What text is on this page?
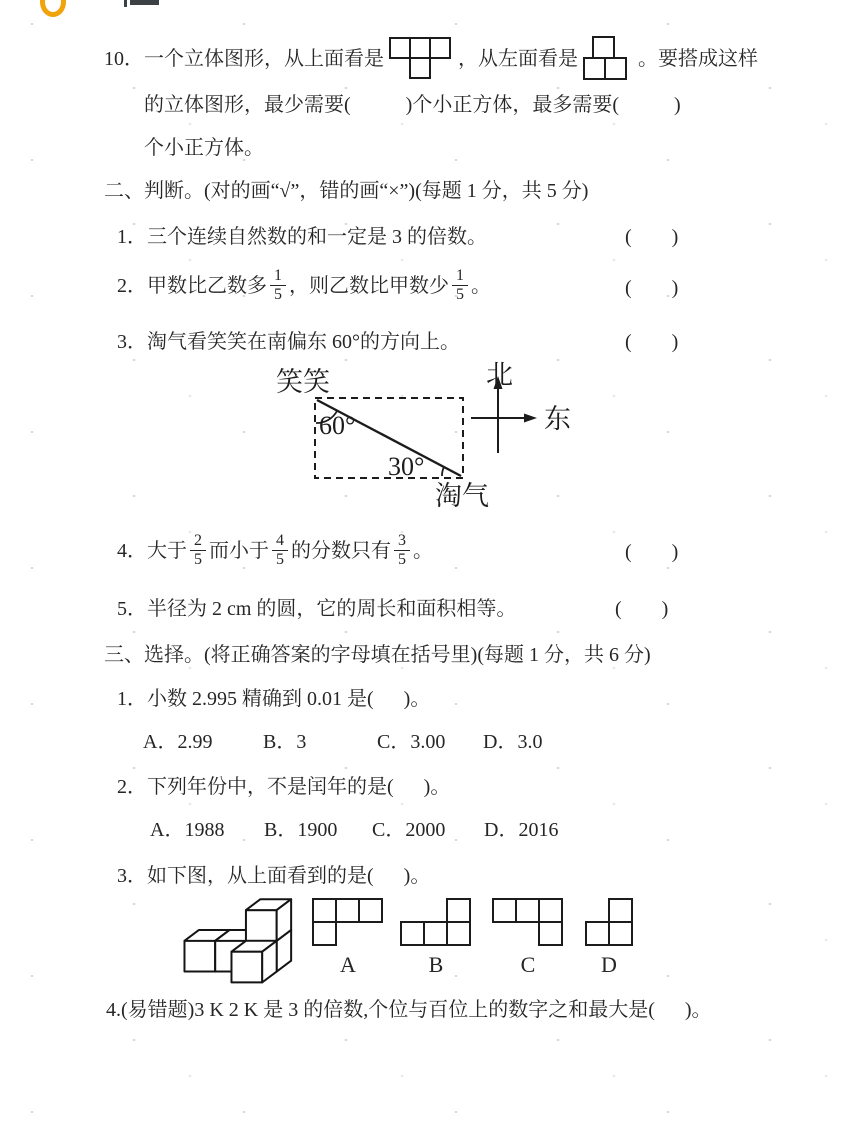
10．一个立体图形，从上面看是	，从左面看是	。要搭成这样
的立体图形，最少需要(           )个小正方体，最多需要(           )
个小正方体。
二、判断。(对的画“√”，错的画“×”)(每题 1 分，共 5 分)
1．三个连续自然数的和一定是 3 的倍数。	(        )
2．甲数比乙数多 $\frac{1}{5}$ ，则乙数比甲数少 $\frac{1}{5}$ 。	(        )
3．淘气看笑笑在南偏东 60°的方向上。	(        )
笑笑
60°
30°
淘气
北
东
4．大于 $\frac{2}{5}$ 而小于 $\frac{4}{5}$ 的分数只有 $\frac{3}{5}$ 。	(        )
5．半径为 2 cm 的圆，它的周长和面积相等。	(        )
三、选择。(将正确答案的字母填在括号里)(每题 1 分，共 6 分)
1．小数 2.995 精确到 0.01 是(      )。
A．2.99	B．3	C．3.00 D．3.0
2．下列年份中，不是闰年的是(      )。
A．1988 B．1900 C．2000 D．2016
3．如下图，从上面看到的是(      )。
A	B	C	D
4.(易错题)3 K 2 K 是 3 的倍数,个位与百位上的数字之和最大是(      )。
